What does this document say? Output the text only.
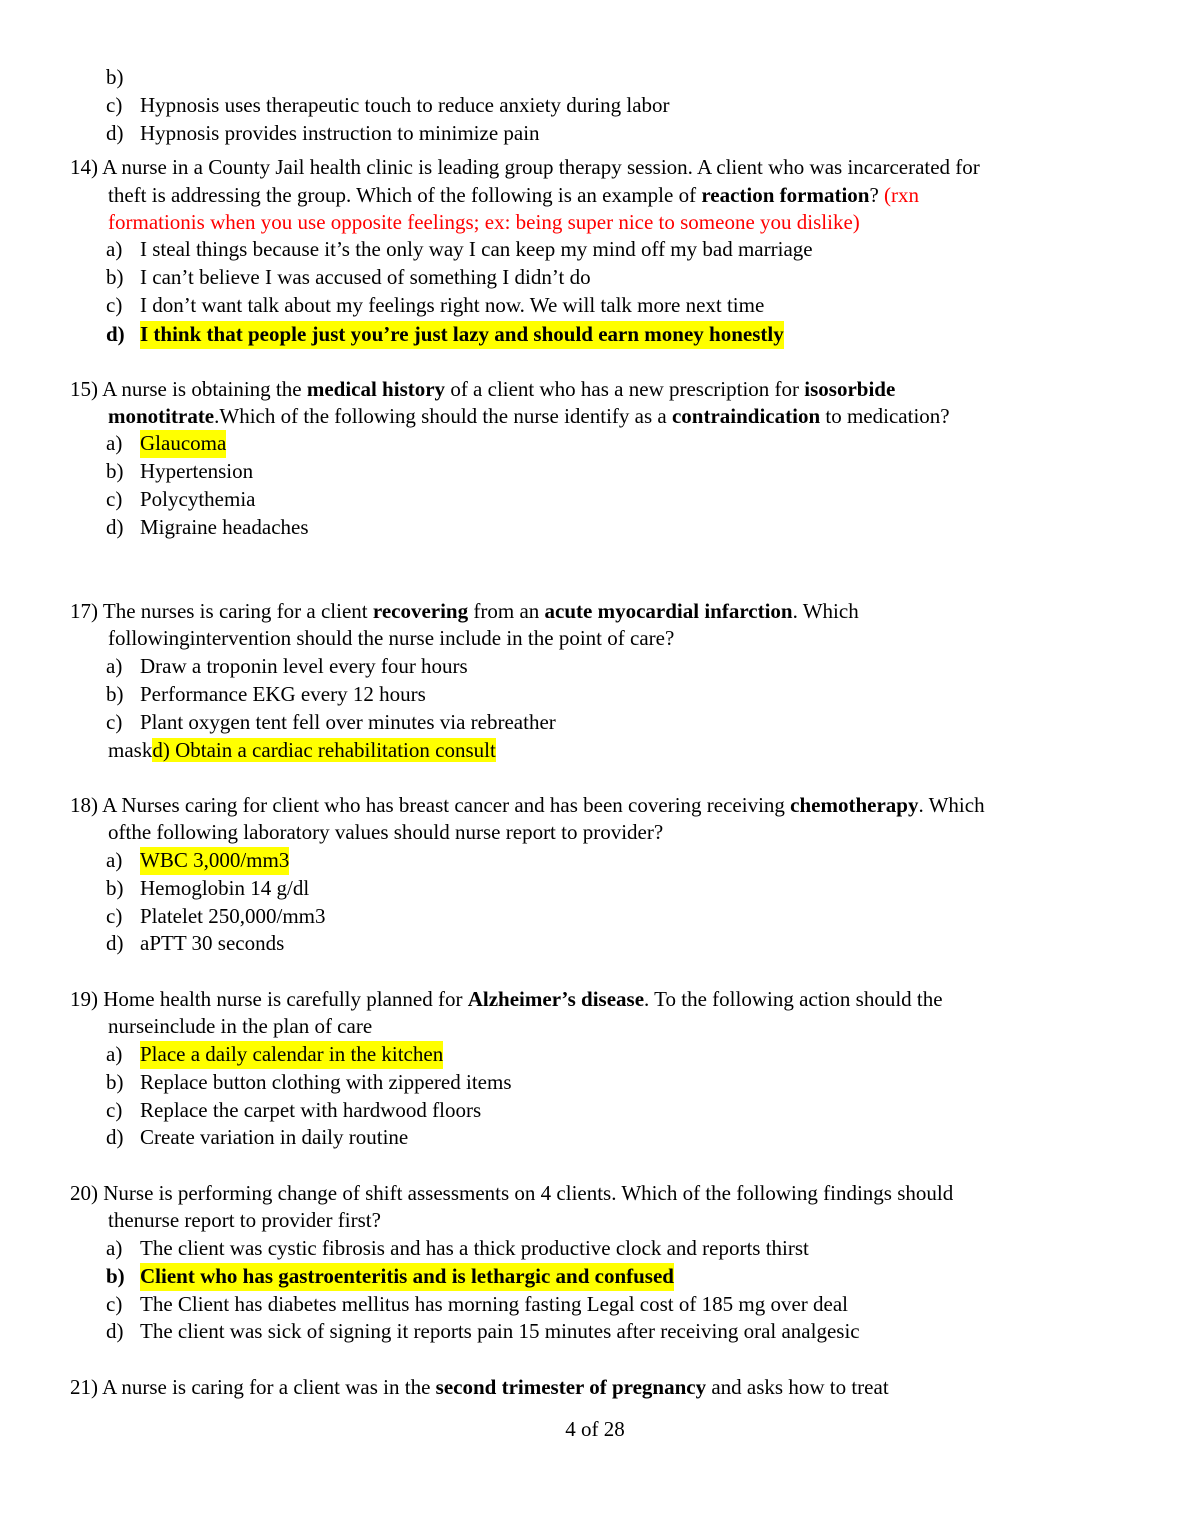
b)
c) Hypnosis uses therapeutic touch to reduce anxiety during labor
d) Hypnosis provides instruction to minimize pain
14) A nurse in a County Jail health clinic is leading group therapy session. A client who was incarcerated for
theft is addressing the group. Which of the following is an example of reaction formation? (rxn
formationis when you use opposite feelings; ex: being super nice to someone you dislike)
a) I steal things because it’s the only way I can keep my mind off my bad marriage
b) I can’t believe I was accused of something I didn’t do
c) I don’t want talk about my feelings right now. We will talk more next time
d) I think that people just you’re just lazy and should earn money honestly
15) A nurse is obtaining the medical history of a client who has a new prescription for isosorbide
monotitrate.Which of the following should the nurse identify as a contraindication to medication?
a) Glaucoma
b) Hypertension
c) Polycythemia
d) Migraine headaches
17) The nurses is caring for a client recovering from an acute myocardial infarction. Which
followingintervention should the nurse include in the point of care?
a) Draw a troponin level every four hours
b) Performance EKG every 12 hours
c) Plant oxygen tent fell over minutes via rebreather
maskd) Obtain a cardiac rehabilitation consult
18) A Nurses caring for client who has breast cancer and has been covering receiving chemotherapy. Which
ofthe following laboratory values should nurse report to provider?
a) WBC 3,000/mm3
b) Hemoglobin 14 g/dl
c) Platelet 250,000/mm3
d) aPTT 30 seconds
19) Home health nurse is carefully planned for Alzheimer’s disease. To the following action should the
nurseinclude in the plan of care
a) Place a daily calendar in the kitchen
b) Replace button clothing with zippered items
c) Replace the carpet with hardwood floors
d) Create variation in daily routine
20) Nurse is performing change of shift assessments on 4 clients. Which of the following findings should
thenurse report to provider first?
a) The client was cystic fibrosis and has a thick productive clock and reports thirst
b) Client who has gastroenteritis and is lethargic and confused
c) The Client has diabetes mellitus has morning fasting Legal cost of 185 mg over deal
d) The client was sick of signing it reports pain 15 minutes after receiving oral analgesic
21) A nurse is caring for a client was in the second trimester of pregnancy and asks how to treat
4 of 28
